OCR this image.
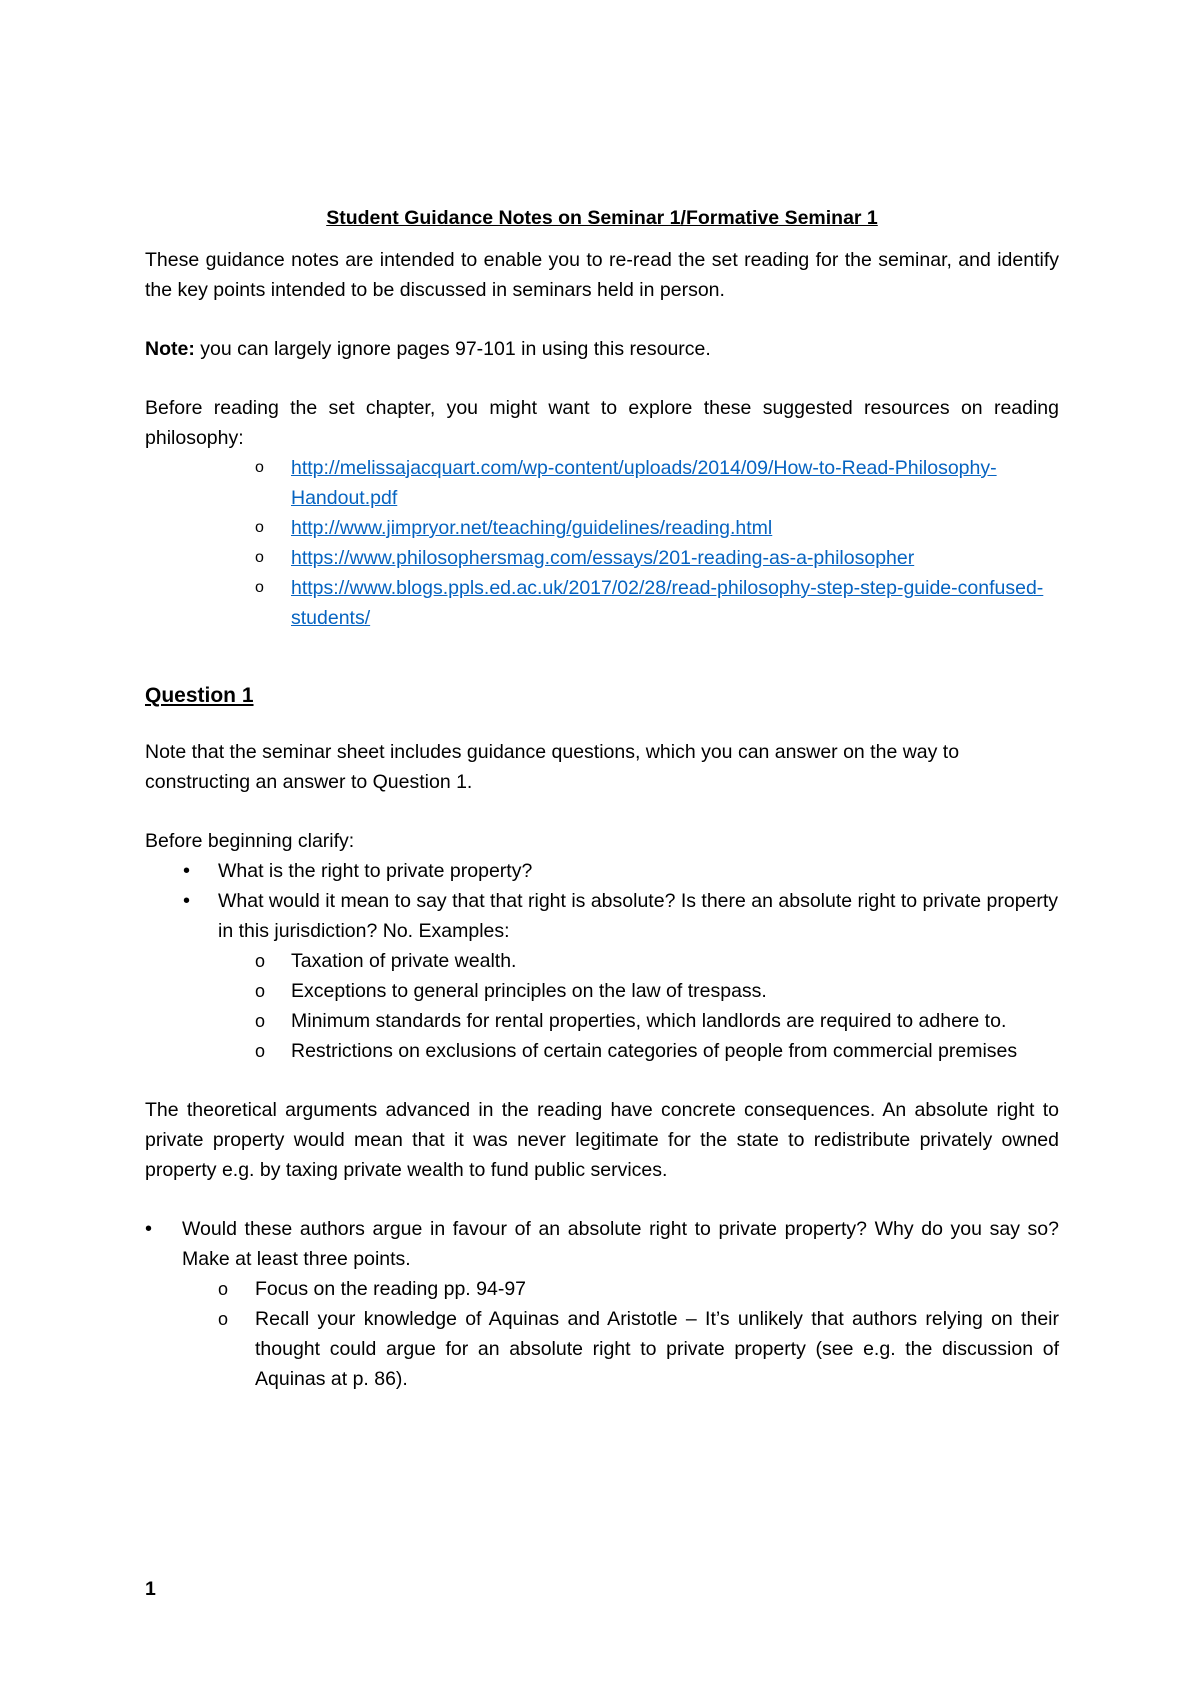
Student Guidance Notes on Seminar 1/Formative Seminar 1

These guidance notes are intended to enable you to re-read the set reading for the seminar, and identify the key points intended to be discussed in seminars held in person.

Note: you can largely ignore pages 97-101 in using this resource.

Before reading the set chapter, you might want to explore these suggested resources on reading philosophy:

o http://melissajacquart.com/wp-content/uploads/2014/09/How-to-Read-Philosophy-Handout.pdf
o http://www.jimpryor.net/teaching/guidelines/reading.html
o https://www.philosophersmag.com/essays/201-reading-as-a-philosopher
o https://www.blogs.ppls.ed.ac.uk/2017/02/28/read-philosophy-step-step-guide-confused-students/
Question 1

Note that the seminar sheet includes guidance questions, which you can answer on the way to constructing an answer to Question 1.

Before beginning clarify:
• What is the right to private property?
• What would it mean to say that that right is absolute? Is there an absolute right to private property in this jurisdiction? No. Examples:
o Taxation of private wealth.
o Exceptions to general principles on the law of trespass.
o Minimum standards for rental properties, which landlords are required to adhere to.
o Restrictions on exclusions of certain categories of people from commercial premises

The theoretical arguments advanced in the reading have concrete consequences. An absolute right to private property would mean that it was never legitimate for the state to redistribute privately owned property e.g. by taxing private wealth to fund public services.

• Would these authors argue in favour of an absolute right to private property? Why do you say so? Make at least three points.
o Focus on the reading pp. 94-97
o Recall your knowledge of Aquinas and Aristotle – It’s unlikely that authors relying on their thought could argue for an absolute right to private property (see e.g. the discussion of Aquinas at p. 86).
1
